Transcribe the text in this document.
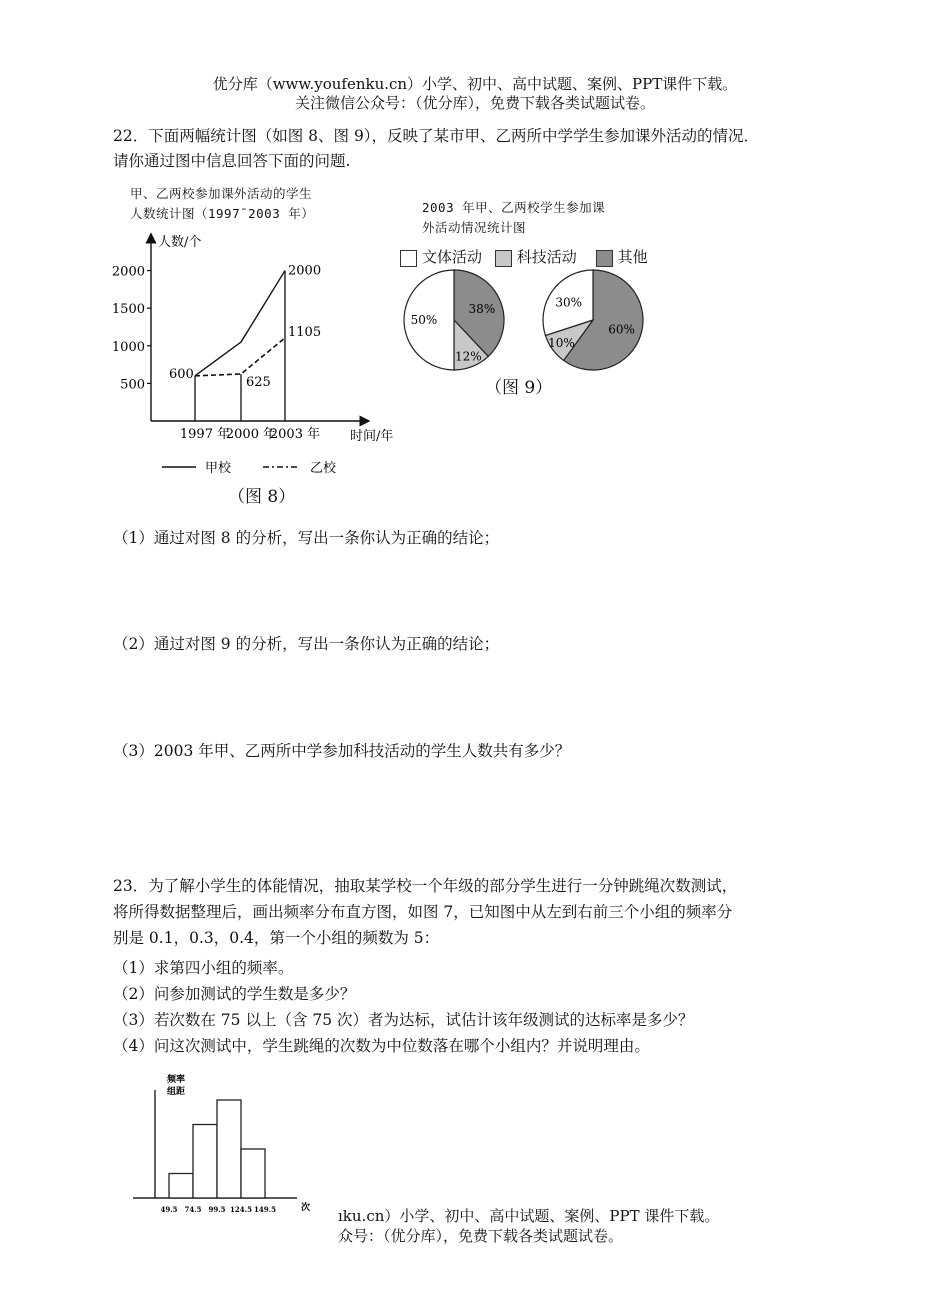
优分库（www.youfenku.cn）小学、初中、高中试题、案例、PPT课件下载。
关注微信公众号：（优分库），免费下载各类试题试卷。
22．下面两幅统计图（如图 8、图 9），反映了某市甲、乙两所中学学生参加课外活动的情况．
请你通过图中信息回答下面的问题.
甲、乙两校参加课外活动的学生
人数统计图（1997¯2003 年）
人数/个
时间/年
500
1000
1500
2000
1997 年
2000 年
2003 年
600
625
1105
2000
甲校	乙校
（图 8）
2003 年甲、乙两校学生参加课
外活动情况统计图
文体活动 科技活动	其他
38%
12%
50%
60%
10%
30%
（图 9）
（1）通过对图 8 的分析，写出一条你认为正确的结论；
（2）通过对图 9 的分析，写出一条你认为正确的结论；
（3）2003 年甲、乙两所中学参加科技活动的学生人数共有多少？
23．为了解小学生的体能情况，抽取某学校一个年级的部分学生进行一分钟跳绳次数测试，
将所得数据整理后，画出频率分布直方图，如图 7，已知图中从左到右前三个小组的频率分
别是 0.1，0.3，0.4，第一个小组的频数为 5：
（1）求第四小组的频率。
（2）问参加测试的学生数是多少？
（3）若次数在 75 以上（含 75 次）者为达标，试估计该年级测试的达标率是多少？
（4）问这次测试中，学生跳绳的次数为中位数落在哪个小组内？并说明理由。
频率
组距
次
49.5 74.5 99.5 124.5 149.5	ıku.cn）小学、初中、高中试题、案例、PPT 课件下载。
众号：（优分库），免费下载各类试题试卷。
